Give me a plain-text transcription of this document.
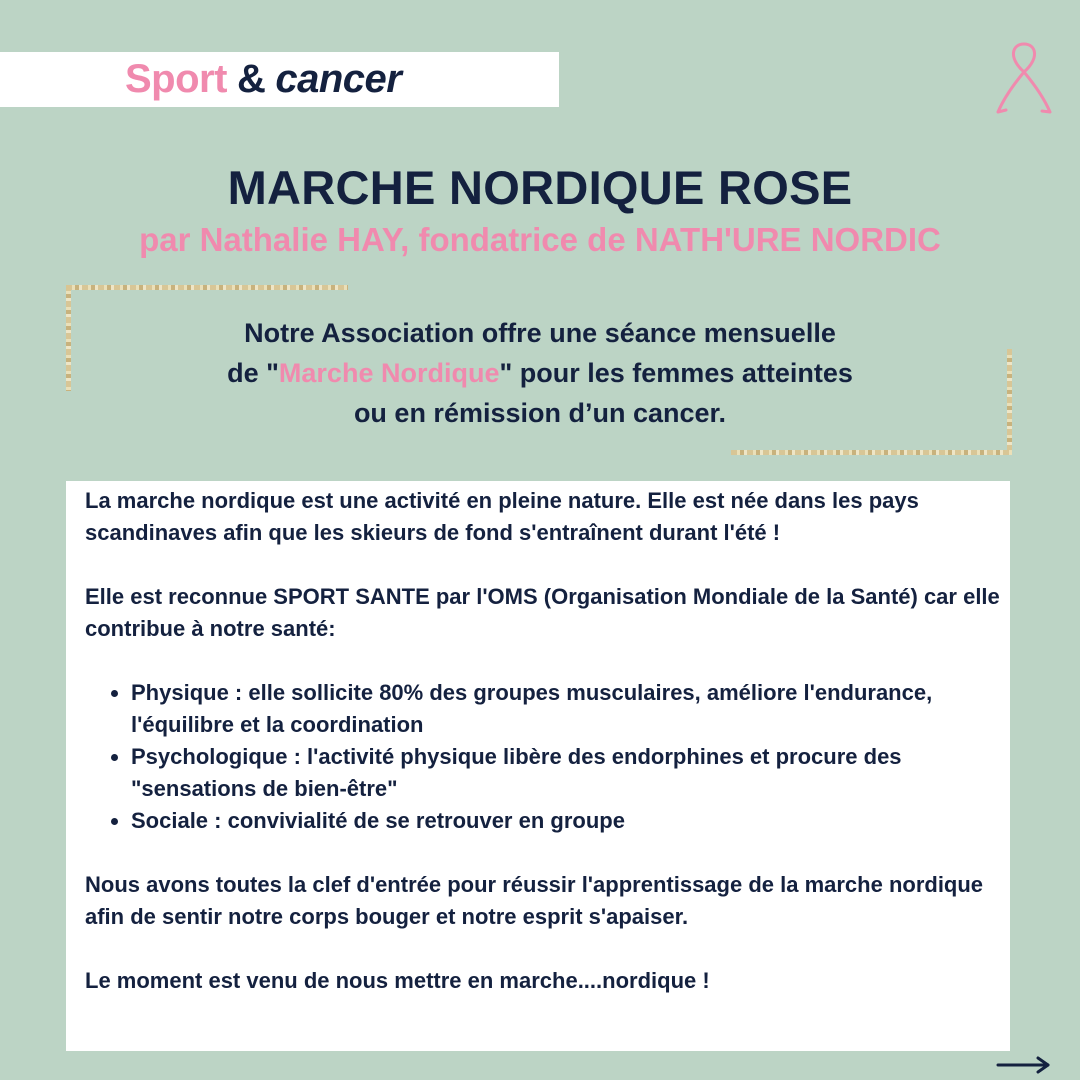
Sport & cancer
MARCHE NORDIQUE ROSE
par Nathalie HAY, fondatrice de NATH'URE NORDIC
Notre Association offre une séance mensuelle
de "Marche Nordique" pour les femmes atteintes
ou en rémission d’un cancer.

La marche nordique est une activité en pleine nature. Elle est née dans les pays scandinaves afin que les skieurs de fond s'entraînent durant l'été !

Elle est reconnue SPORT SANTE par l'OMS (Organisation Mondiale de la Santé) car elle contribue à notre santé:

• Physique : elle sollicite 80% des groupes musculaires, améliore l'endurance, l'équilibre et la coordination
• Psychologique : l'activité physique libère des endorphines et procure des "sensations de bien-être"
• Sociale : convivialité de se retrouver en groupe

Nous avons toutes la clef d'entrée pour réussir l'apprentissage de la marche nordique afin de sentir notre corps bouger et notre esprit s'apaiser.

Le moment est venu de nous mettre en marche....nordique !
